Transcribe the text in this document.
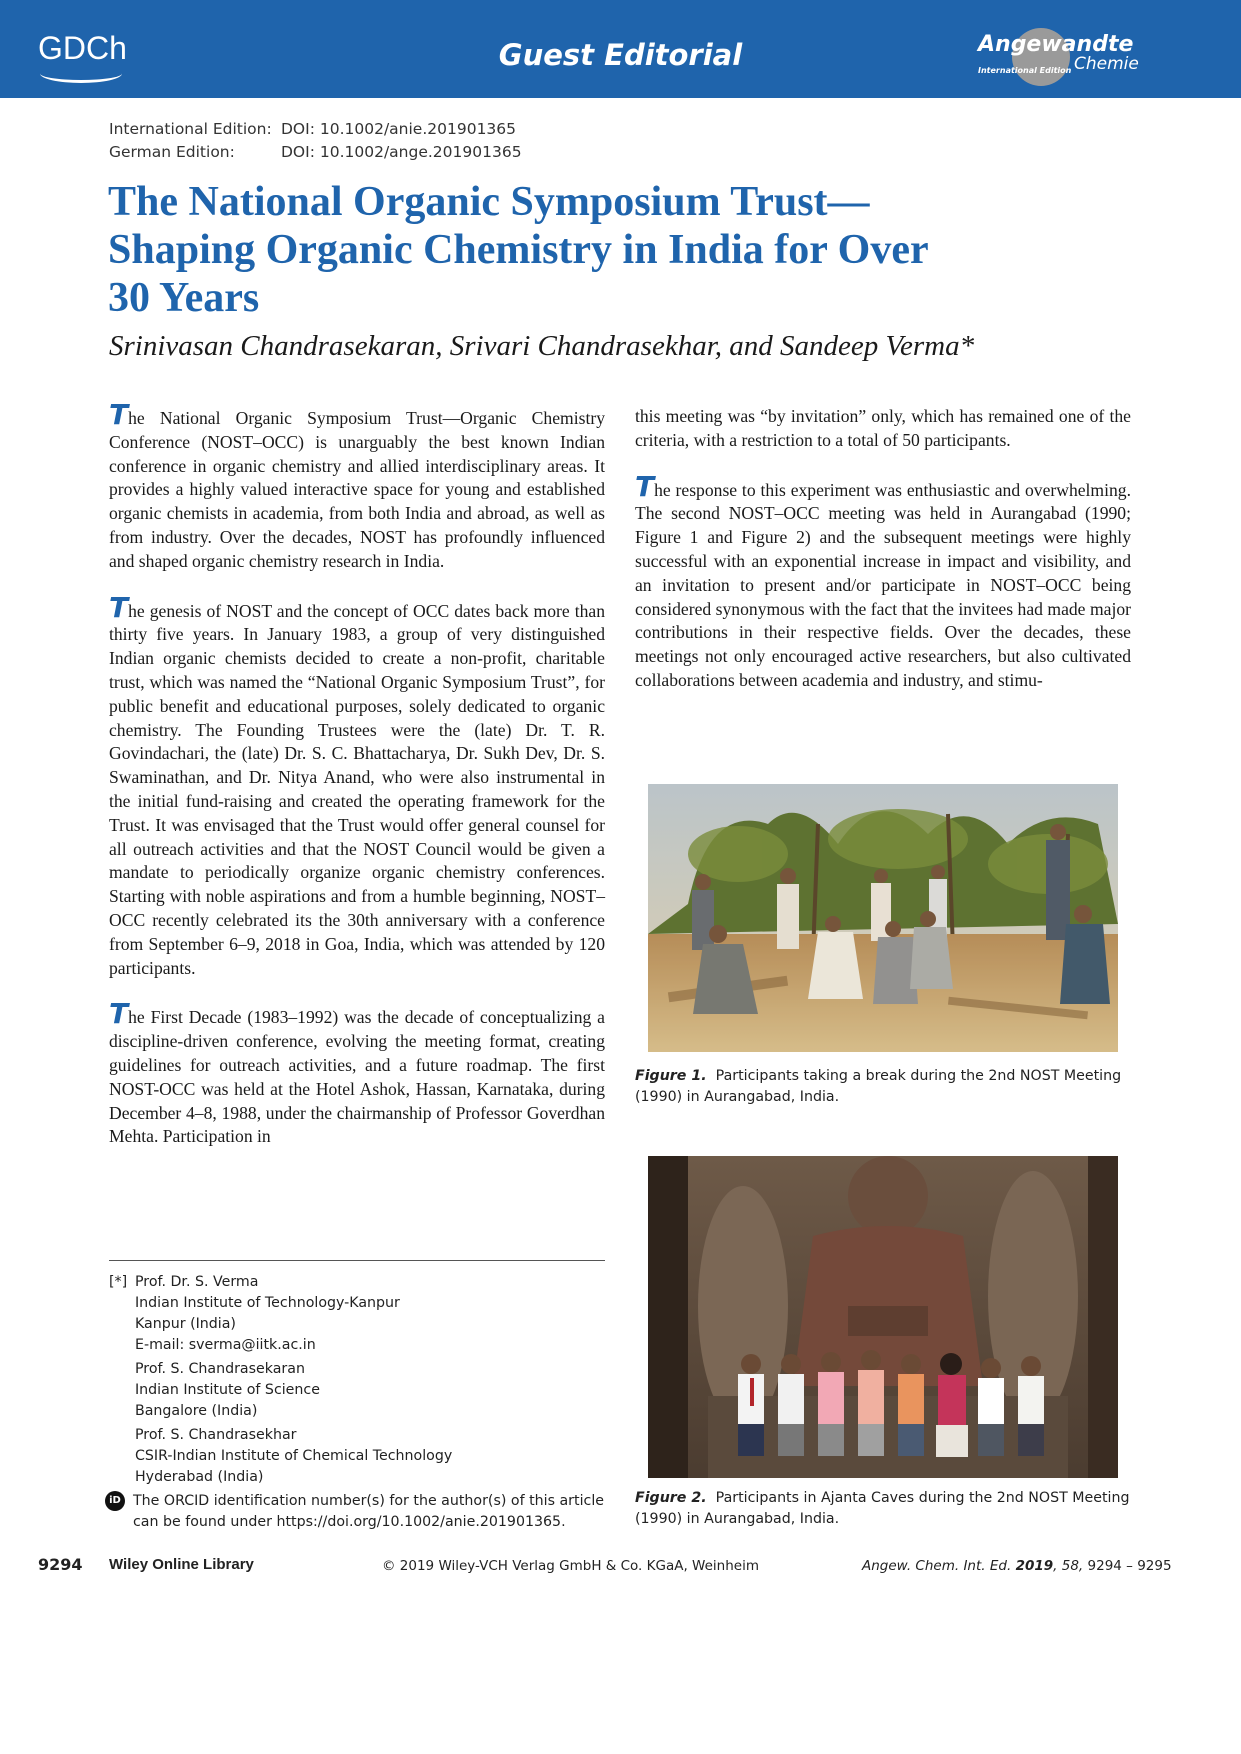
GDCh	Guest Editorial	Angewandte
Chemie
International Edition
International Edition: DOI: 10.1002/anie.201901365
German Edition:	DOI: 10.1002/ange.201901365
The National Organic Symposium Trust—
Shaping Organic Chemistry in India for Over
30 Years
Srinivasan Chandrasekaran, Srivari Chandrasekhar, and Sandeep Verma*

The National Organic Symposium Trust—Organic Chemistry Conference (NOST–OCC) is unarguably the best known Indian conference in organic chemistry and allied interdisciplinary areas. It provides a highly valued interactive space for young and established organic chemists in academia, from both India and abroad, as well as from industry. Over the decades, NOST has profoundly influenced and shaped organic chemistry research in India.

The genesis of NOST and the concept of OCC dates back more than thirty five years. In January 1983, a group of very distinguished Indian organic chemists decided to create a non-profit, charitable trust, which was named the “National Organic Symposium Trust”, for public benefit and educational purposes, solely dedicated to organic chemistry. The Founding Trustees were the (late) Dr. T. R. Govindachari, the (late) Dr. S. C. Bhattacharya, Dr. Sukh Dev, Dr. S. Swaminathan, and Dr. Nitya Anand, who were also instrumental in the initial fund-raising and created the operating framework for the Trust. It was envisaged that the Trust would offer general counsel for all outreach activities and that the NOST Council would be given a mandate to periodically organize organic chemistry conferences. Starting with noble aspirations and from a humble beginning, NOST–OCC recently celebrated its the 30th anniversary with a conference from September 6–9, 2018 in Goa, India, which was attended by 120 participants.

The First Decade (1983–1992) was the decade of conceptualizing a discipline-driven conference, evolving the meeting format, creating guidelines for outreach activities, and a future roadmap. The first NOST-OCC was held at the Hotel Ashok, Hassan, Karnataka, during December 4–8, 1988, under the chairmanship of Professor Goverdhan Mehta. Participation in

this meeting was “by invitation” only, which has remained one of the criteria, with a restriction to a total of 50 participants.

The response to this experiment was enthusiastic and overwhelming. The second NOST–OCC meeting was held in Aurangabad (1990; Figure 1 and Figure 2) and the subsequent meetings were highly successful with an exponential increase in impact and visibility, and an invitation to present and/or participate in NOST–OCC being considered synonymous with the fact that the invitees had made major contributions in their respective fields. Over the decades, these meetings not only encouraged active researchers, but also cultivated collaborations between academia and industry, and stimu-

Figure 1. Participants taking a break during the 2nd NOST Meeting
(1990) in Aurangabad, India.
Figure 2. Participants in Ajanta Caves during the 2nd NOST Meeting
(1990) in Aurangabad, India.
[*] Prof. Dr. S. Verma
Indian Institute of Technology-Kanpur
Kanpur (India)
E-mail: sverma@iitk.ac.in
Prof. S. Chandrasekaran
Indian Institute of Science
Bangalore (India)
Prof. S. Chandrasekhar
CSIR-Indian Institute of Chemical Technology
Hyderabad (India)
iD The ORCID identification number(s) for the author(s) of this article
can be found under https://doi.org/10.1002/anie.201901365.
9294 Wiley Online Library	© 2019 Wiley-VCH Verlag GmbH & Co. KGaA, Weinheim	Angew. Chem. Int. Ed. 2019, 58, 9294 – 9295
